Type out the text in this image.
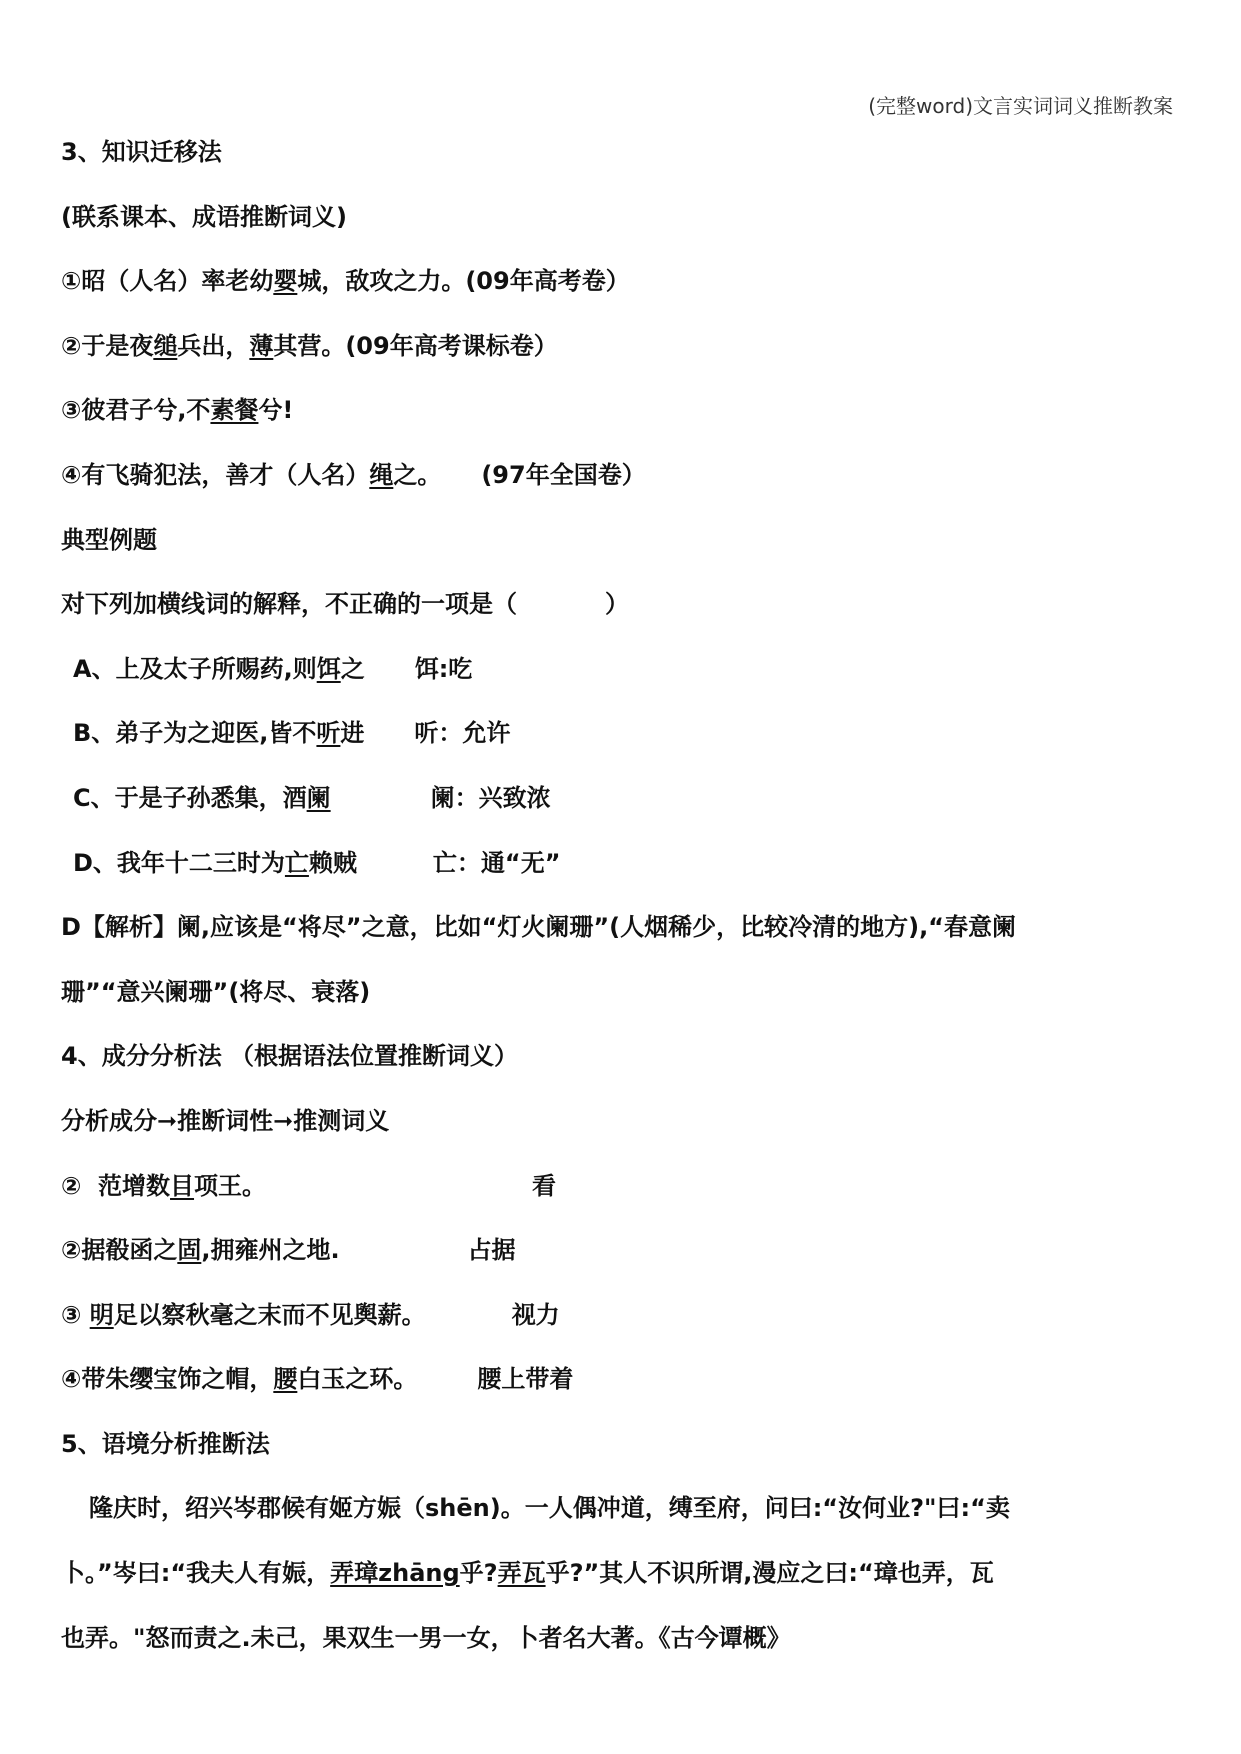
(完整word)文言实词词义推断教案
3、知识迁移法
(联系课本、成语推断词义)
①昭（人名）率老幼婴城，敌攻之力。(09年高考卷）
②于是夜缒兵出，薄其营。(09年高考课标卷）
③彼君子兮,不素餐兮!
④有飞骑犯法，善才（人名）绳之。 (97年全国卷）
典型例题
对下列加横线词的解释，不正确的一项是（	）
A、上及太子所赐药,则饵之 饵:吃
B、弟子为之迎医,皆不听进 听：允许
C、于是子孙悉集，酒阑	阑：兴致浓
D、我年十二三时为亡赖贼	亡：通“无”
D【解析】阑,应该是“将尽”之意，比如“灯火阑珊”(人烟稀少，比较冷清的地方),“春意阑
珊”“意兴阑珊”(将尽、衰落)
4、成分分析法 （根据语法位置推断词义）
分析成分➞推断词性➞推测词义
②  范增数目项王。	看
②据殽函之固,拥雍州之地.	占据
③ 明足以察秋毫之末而不见舆薪。	视力
④带朱缨宝饰之帽，腰白玉之环。	腰上带着
5、语境分析推断法
隆庆时，绍兴岑郡候有姬方娠（shēn)。一人偶冲道，缚至府，问曰:“汝何业?"曰:“卖
卜。”岑曰:“我夫人有娠，弄璋zhāng乎?弄瓦乎?”其人不识所谓,漫应之曰:“璋也弄，瓦
也弄。"怒而责之.未己，果双生一男一女，卜者名大著。《古今谭概》
